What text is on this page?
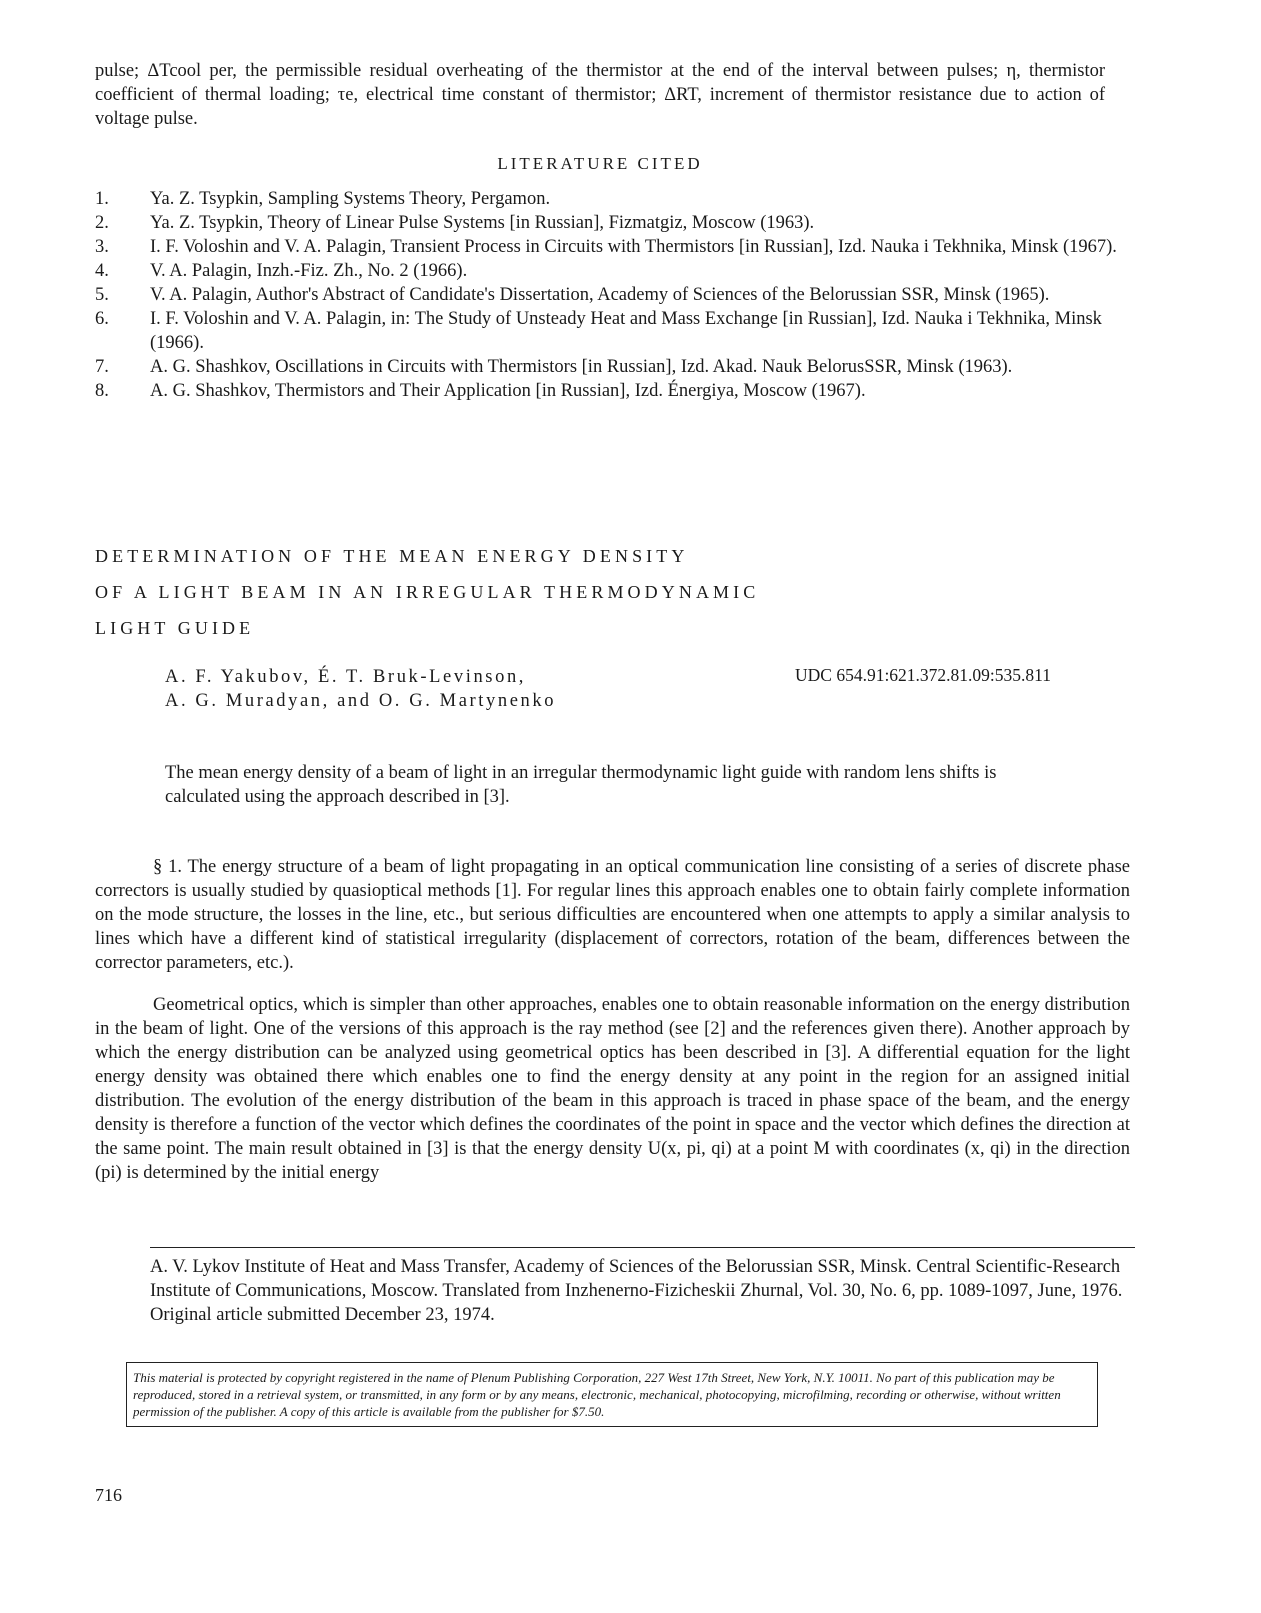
pulse; ΔTcool per, the permissible residual overheating of the thermistor at the end of the interval between pulses; η, thermistor coefficient of thermal loading; τe, electrical time constant of thermistor; ΔRT, increment of thermistor resistance due to action of voltage pulse.
LITERATURE CITED
1.	Ya. Z. Tsypkin, Sampling Systems Theory, Pergamon.
2.	Ya. Z. Tsypkin, Theory of Linear Pulse Systems [in Russian], Fizmatgiz, Moscow (1963).
3.	I. F. Voloshin and V. A. Palagin, Transient Process in Circuits with Thermistors [in Russian], Izd. Nauka i Tekhnika, Minsk (1967).
4.	V. A. Palagin, Inzh.-Fiz. Zh., No. 2 (1966).
5.	V. A. Palagin, Author's Abstract of Candidate's Dissertation, Academy of Sciences of the Belorussian SSR, Minsk (1965).
6.	I. F. Voloshin and V. A. Palagin, in: The Study of Unsteady Heat and Mass Exchange [in Russian], Izd. Nauka i Tekhnika, Minsk (1966).
7.	A. G. Shashkov, Oscillations in Circuits with Thermistors [in Russian], Izd. Akad. Nauk BelorusSSR, Minsk (1963).
8.	A. G. Shashkov, Thermistors and Their Application [in Russian], Izd. Énergiya, Moscow (1967).
DETERMINATION OF THE MEAN ENERGY DENSITY
OF A LIGHT BEAM IN AN IRREGULAR THERMODYNAMIC
LIGHT GUIDE
A. F. Yakubov, É. T. Bruk-Levinson,
A. G. Muradyan, and O. G. Martynenko
UDC 654.91:621.372.81.09:535.811
The mean energy density of a beam of light in an irregular thermodynamic light guide with random lens shifts is calculated using the approach described in [3].

§ 1. The energy structure of a beam of light propagating in an optical communication line consisting of a series of discrete phase correctors is usually studied by quasioptical methods [1]. For regular lines this approach enables one to obtain fairly complete information on the mode structure, the losses in the line, etc., but serious difficulties are encountered when one attempts to apply a similar analysis to lines which have a different kind of statistical irregularity (displacement of correctors, rotation of the beam, differences between the corrector parameters, etc.).

Geometrical optics, which is simpler than other approaches, enables one to obtain reasonable information on the energy distribution in the beam of light. One of the versions of this approach is the ray method (see [2] and the references given there). Another approach by which the energy distribution can be analyzed using geometrical optics has been described in [3]. A differential equation for the light energy density was obtained there which enables one to find the energy density at any point in the region for an assigned initial distribution. The evolution of the energy distribution of the beam in this approach is traced in phase space of the beam, and the energy density is therefore a function of the vector which defines the coordinates of the point in space and the vector which defines the direction at the same point. The main result obtained in [3] is that the energy density U(x, pi, qi) at a point M with coordinates (x, qi) in the direction (pi) is determined by the initial energy

A. V. Lykov Institute of Heat and Mass Transfer, Academy of Sciences of the Belorussian SSR, Minsk. Central Scientific-Research Institute of Communications, Moscow. Translated from Inzhenerno-Fizicheskii Zhurnal, Vol. 30, No. 6, pp. 1089-1097, June, 1976. Original article submitted December 23, 1974.
This material is protected by copyright registered in the name of Plenum Publishing Corporation, 227 West 17th Street, New York, N.Y. 10011. No part of this publication may be reproduced, stored in a retrieval system, or transmitted, in any form or by any means, electronic, mechanical, photocopying, microfilming, recording or otherwise, without written permission of the publisher. A copy of this article is available from the publisher for $7.50.
716
